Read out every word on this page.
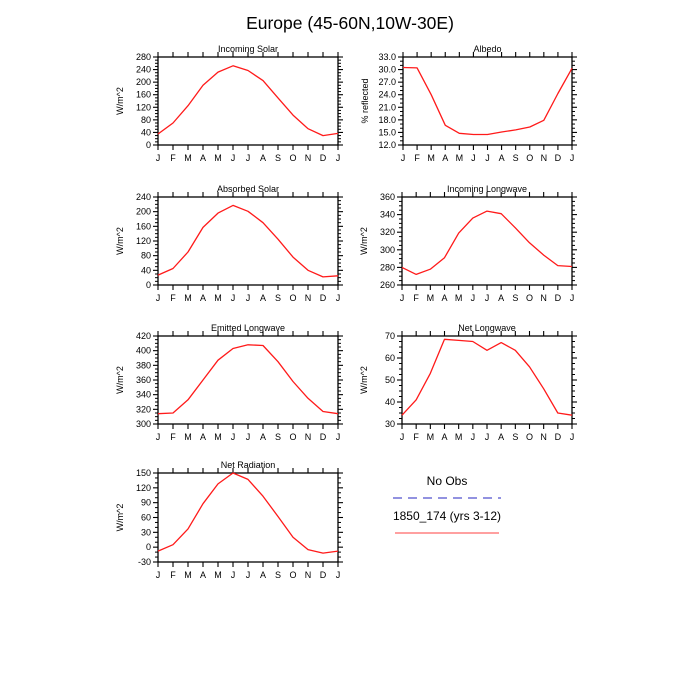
Europe (45-60N,10W-30E)
Incoming Solar
W/m^2
J F M A M J J A S O N D J
0
40
80
120
160
200
240
280
Albedo
% reflected
J F M A M J J A S O N D J
12.0
15.0
18.0
21.0
24.0
27.0
30.0
33.0
Absorbed Solar
W/m^2
J F M A M J J A S O N D J
0
40
80
120
160
200
240
Incoming Longwave
W/m^2
J F M A M J J A S O N D J
260
280
300
320
340
360
Emitted Longwave
W/m^2
J F M A M J J A S O N D J
300
320
340
360
380
400
420
Net Longwave
W/m^2
J F M A M J J A S O N D J
30
40
50
60
70
Net Radiation
W/m^2
J F M A M J J A S O N D J
-30
0
30
60
90
120
150
No Obs
1850_174 (yrs 3-12)
